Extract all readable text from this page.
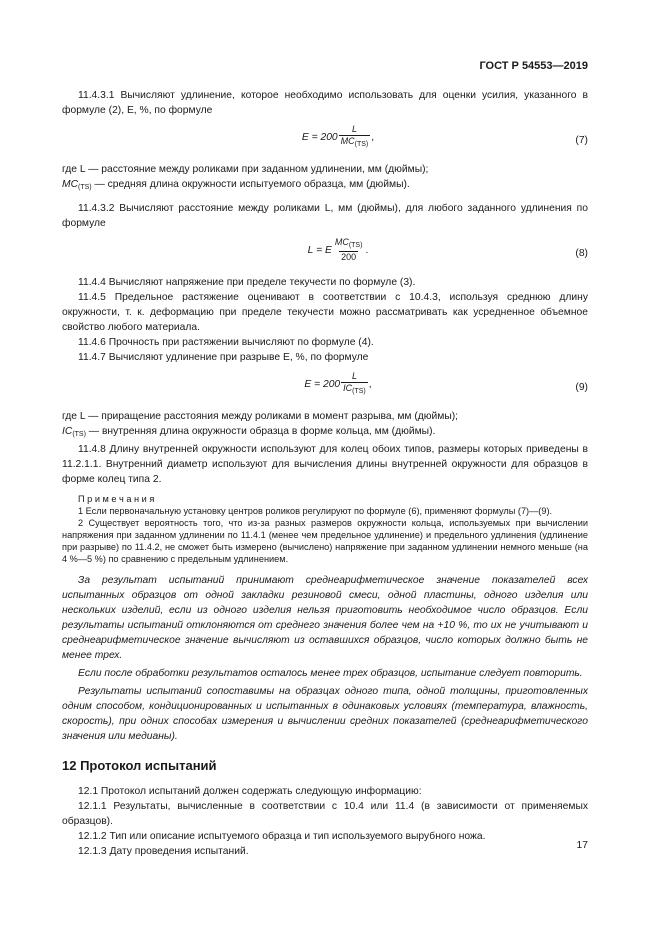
ГОСТ Р 54553—2019

11.4.3.1 Вычисляют удлинение, которое необходимо использовать для оценки усилия, указанного в формуле (2), E, %, по формуле

$E = 200 \frac{L}{MC_{(TS)}}$ ,	(7)

где L — расстояние между роликами при заданном удлинении, мм (дюймы);

$MC_{(TS)}$ — средняя длина окружности испытуемого образца, мм (дюймы).

11.4.3.2 Вычисляют расстояние между роликами L, мм (дюймы), для любого заданного удлинения по формуле

L = E $\frac{MC_{(TS)}}{200}$ .	(8)

11.4.4 Вычисляют напряжение при пределе текучести по формуле (3).

11.4.5 Предельное растяжение оценивают в соответствии с 10.4.3, используя среднюю длину окружности, т. к. деформацию при пределе текучести можно рассматривать как усредненное объемное свойство любого материала.

11.4.6 Прочность при растяжении вычисляют по формуле (4).

11.4.7 Вычисляют удлинение при разрыве E, %, по формуле

$E = 200 \frac{L}{IC_{(TS)}}$ ,	(9)

где L — приращение расстояния между роликами в момент разрыва, мм (дюймы);

$IC_{(TS)}$ — внутренняя длина окружности образца в форме кольца, мм (дюймы).

11.4.8 Длину внутренней окружности используют для колец обоих типов, размеры которых приведены в 11.2.1.1. Внутренний диаметр используют для вычисления длины внутренней окружности для образцов в форме колец типа 2.

П р и м е ч а н и я

1 Если первоначальную установку центров роликов регулируют по формуле (6), применяют формулы (7)—(9).

2 Существует вероятность того, что из-за разных размеров окружности кольца, используемых при вычислении напряжения при заданном удлинении по 11.4.1 (менее чем предельное удлинение) и предельного удлинения (удлинение при разрыве) по 11.4.2, не сможет быть измерено (вычислено) напряжение при заданном удлинении немного меньше (на 4 %—5 %) по сравнению с предельным удлинением.

За результат испытаний принимают среднеарифметическое значение показателей всех испытанных образцов от одной закладки резиновой смеси, одной пластины, одного изделия или нескольких изделий, если из одного изделия нельзя приготовить необходимое число образцов. Если результаты испытаний отклоняются от среднего значения более чем на +10 %, то их не учитывают и среднеарифметическое значение вычисляют из оставшихся образцов, число которых должно быть не менее трех.

Если после обработки результатов осталось менее трех образцов, испытание следует повторить.

Результаты испытаний сопоставимы на образцах одного типа, одной толщины, приготовленных одним способом, кондиционированных и испытанных в одинаковых условиях (температура, влажность, скорость), при одних способах измерения и вычислении средних показателей (среднеарифметического значения или медианы).

12 Протокол испытаний

12.1 Протокол испытаний должен содержать следующую информацию:

12.1.1 Результаты, вычисленные в соответствии с 10.4 или 11.4 (в зависимости от применяемых образцов).

12.1.2 Тип или описание испытуемого образца и тип используемого вырубного ножа.

12.1.3 Дату проведения испытаний.

17
